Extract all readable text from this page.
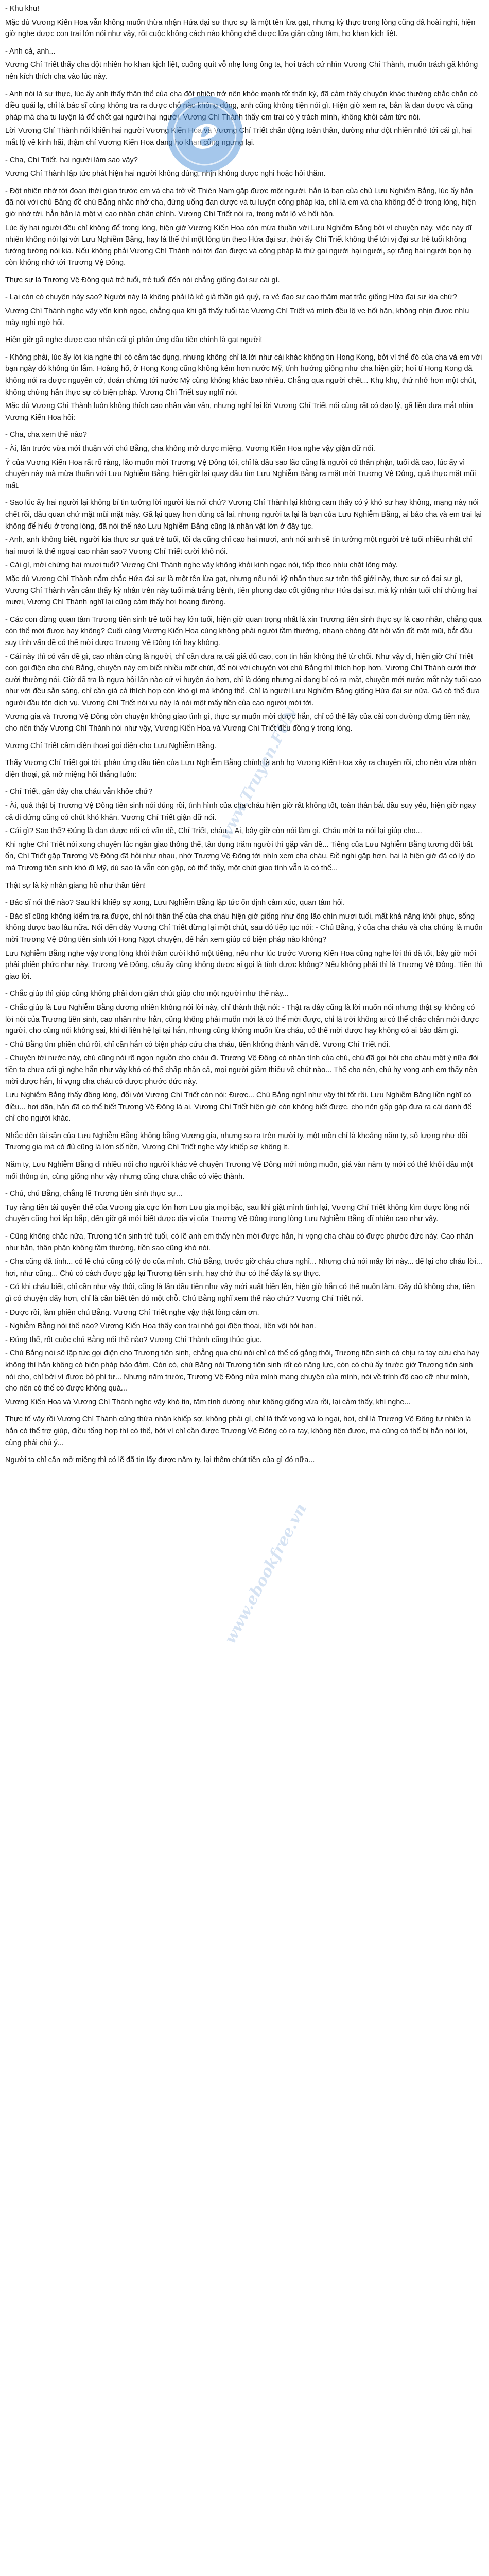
- Khu khu!

Mặc dù Vương Kiến Hoa vẫn khống muốn thừa nhận Hứa đại sư thực sự là một tên lừa gạt, nhưng kỳ thực trong lòng cũng đã hoài nghi, hiện giờ nghe được con trai lớn nói như vậy, rốt cuộc không cách nào khống chế được lửa giận cộng tâm, ho khan kịch liệt.

- Anh cả, anh...

Vương Chí Triết thấy cha đột nhiên ho khan kịch liệt, cuống quít vỗ nhẹ lưng ông ta, hơi trách cứ nhìn Vương Chí Thành, muốn trách gã không nên kích thích cha vào lúc này.

- Anh nói là sự thực, lúc ấy anh thấy thân thể của cha đột nhiên trở nên khỏe mạnh tốt thấn kỳ, đã cảm thấy chuyện khác thường chắc chắn có điều quái lạ, chỉ là bác sĩ cũng không tra ra được chỗ nào không đúng, anh cũng không tiện nói gì. Hiện giờ xem ra, bản là dan được và cũng pháp mà cha tu luyện là để chết gai người hại người. Vương Chí Thành thấy em trai có ý trách mình, không khỏi cảm tức nói.

Lời Vương Chí Thành nói khiến hai người Vương Kiến Hoa và Vương Chí Triết chấn động toàn thân, dường như đột nhiên nhớ tới cái gì, hai mắt lộ vẻ kinh hãi, thậm chí Vương Kiến Hoa đang ho khan cũng ngưng lại.

- Cha, Chí Triết, hai người làm sao vậy?

Vương Chí Thành lập tức phát hiện hai người không đúng, nhịn không được nghi hoặc hỏi thăm.

- Đột nhiên nhớ tới đoạn thời gian trước em và cha trở về Thiên Nam gặp được một người, hắn là bạn của chủ Lưu Nghiễm Bằng, lúc ấy hắn đã nói với chủ Bằng đề chú Bằng nhắc nhở cha, đừng uống đan dược và tu luyện công pháp kia, chỉ là em và cha không để ở trong lòng, hiện giờ nhớ tới, hẳn hắn là một vị cao nhân chân chính. Vương Chí Triết nói ra, trong mắt lộ vẻ hối hận.

Lúc ấy hai người đều chỉ không để trong lòng, hiện giờ Vương Kiến Hoa còn mừa thuần với Lưu Nghiễm Bằng bởi vì chuyện này, việc này dĩ nhiên không nói lại với Lưu Nghiễm Bằng, hay là thế thì một lòng tin theo Hứa đại sư, thời ấy Chí Triết không thể tới vị đại sư trẻ tuổi không tướng tướng nói kia. Nếu không phải Vương Chí Thành nói tới đan được và công pháp là thứ gai người hại người, sợ rằng hai người bọn họ còn không nhớ tới Trương Vệ Đông.

Thực sự là Trương Vệ Đông quá trẻ tuổi, trẻ tuổi đến nói chẳng giống đại sư cái gì.

- Lại còn có chuyện này sao? Người này là không phải là kẻ giả thần giả quỷ, ra vẻ đạo sư cao thâm mạt trắc giống Hứa đại sư kia chứ?

Vương Chí Thành nghe vậy vốn kinh ngạc, chẳng qua khi gã thấy tuổi tác Vương Chí Triết và mình đều lộ ve hối hận, không nhịn được nhíu mày nghi ngờ hỏi.

Hiện giờ gã nghe được cao nhân cái gì phản ứng đầu tiên chính là gạt người!

- Không phải, lúc ấy lời kia nghe thì có cảm tác dụng, nhưng không chỉ là lời như cái khác không tin Hong Kong, bởi vì thể đó của cha và em với bạn ngày đó không tin lắm. Hoàng hổ, ở Hong Kong cũng không kém hơn nước Mỹ, tính hướng giống như cha hiện giờ; hơi tí Hong Kong đã không nói ra được nguyên cớ, đoán chừng tới nước Mỹ cũng không khác bao nhiêu. Chẳng qua người chết... Khụ khụ, thứ nhở hơn một chút, không chừng hắn thực sự có biện pháp. Vương Chí Triết suy nghĩ nói.

Mặc dù Vương Chí Thành luôn không thích cao nhân vàn vân, nhưng nghĩ lại lời Vương Chí Triết nói cũng rất có đạo lý, gã liền đưa mắt nhìn Vương Kiến Hoa hỏi:

- Cha, cha xem thế nào?

- Ài, lần trước vừa mới thuận với chú Bằng, cha không mở được miệng. Vương Kiến Hoa nghe vậy giận dữ nói.

Ý của Vương Kiến Hoa rất rõ ràng, lão muốn mời Trương Vệ Đông tới, chỉ là đầu sao lão cũng là người có thân phận, tuổi đã cao, lúc ấy vì chuyện này mà mừa thuần với Lưu Nghiễm Bằng, hiện giờ lại quay đầu tìm Lưu Nghiễm Bằng ra mặt mời Trương Vệ Đông, quả thực mặt mũi mất.

- Sao lúc ấy hai người lại không bí tin tưởng lời người kia nói chứ? Vương Chí Thành lại không cam thấy có ý khó sư hay không, mạng này nói chết rồi, đầu quan chứ mặt mũi mặt mày. Gã lại quay hơn đùng cả lai, nhưng người ta lại là bạn của Lưu Nghiễm Bằng, ai bảo cha và em trai lại không để hiểu ở trong lòng, đã nói thế nào Lưu Nghiễm Bằng cũng là nhân vật lớn ở đây tục.

- Anh, anh không biết, người kia thực sự quá trẻ tuổi, tối đa cũng chỉ cao hai mươi, anh nói anh sẽ tin tưởng một người trẻ tuổi nhiều nhất chỉ hai mươi là thể ngoại cao nhân sao? Vương Chí Triết cười khổ nói.

- Cái gì, mới chừng hai mươi tuổi? Vương Chí Thành nghe vậy không khỏi kinh ngạc nói, tiếp theo nhíu chặt lông mày.

Mặc dù Vương Chí Thành nắm chắc Hứa đại sư là một tên lừa gạt, nhưng nếu nói kỹ nhân thực sự trên thế giới này, thực sự có đại sư gì, Vương Chí Thành vẫn cảm thấy kỳ nhân trên này tuổi mà trắng bệnh, tiên phong đạo cốt giống như Hứa đại sư, mà kỳ nhân tuổi chỉ chừng hai mươi, Vương Chí Thành nghĩ lại cũng cảm thấy hơi hoang đường.

- Các con đừng quan tâm Trương tiên sinh trẻ tuổi hay lớn tuổi, hiện giờ quan trọng nhất là xin Trương tiên sinh thực sự là cao nhân, chẳng qua còn thể mời được hay không? Cuối cùng Vương Kiến Hoa cùng không phải người tầm thường, nhanh chóng đặt hỏi vấn đề mặt mũi, bắt đầu suy tính vấn đề có thể mời được Trương Vệ Đông tới hay không.

- Cái này thì có vấn đề gì, cao nhân cùng là người, chỉ cần đưa ra cái giá đủ cao, con tin hắn không thể từ chối. Như vậy đi, hiện giờ Chí Triết con gọi điện cho chú Bằng, chuyện này em biết nhiều một chút, để nói với chuyện với chú Bằng thì thích hợp hơn. Vương Chí Thành cười thờ cười thường nói. Giờ đã tra là ngựa hội lần nào cứ ví huyện áo hơn, chỉ là đóng nhưng ai đang bí có ra mặt, chuyện mới nước mắt này tuổi cao như với đều sẵn sàng, chỉ cần giá cả thích hợp còn khó gì mà không thể. Chỉ là người Lưu Nghiễm Bằng giống Hứa đại sư nữa. Gã có thể đưa người đầu tên dịch vụ. Vương Chí Triết nói vụ này là nói một mấy tiền của cao người mời tới.

Vương gia và Trương Vệ Đông còn chuyện không giao tình gì, thực sự muốn mời được hắn, chỉ có thể lấy của cải con đường đừng tiền này, cho nên thấy Vương Chí Thành nói như vậy, Vương Kiến Hoa và Vương Chí Triết đều đồng ý trong lòng.

Vương Chí Triết cầm điện thoại gọi điện cho Lưu Nghiễm Bằng.

Thấy Vương Chí Triết gọi tới, phản ứng đầu tiên của Lưu Nghiễm Bằng chính là anh họ Vương Kiến Hoa xảy ra chuyện rồi, cho nên vừa nhận điện thoại, gã mở miệng hỏi thẳng luôn:

- Chí Triết, gần đây cha cháu vẫn khỏe chứ?

- Ài, quả thật bị Trương Vệ Đông tiên sinh nói đúng rồi, tình hình của cha cháu hiện giờ rất không tốt, toàn thân bắt đầu suy yếu, hiện giờ ngay cả đi đứng cũng có chút khó khăn. Vương Chí Triết giận dữ nói.

- Cái gì? Sao thế? Đúng là đan dược nói có vấn đề, Chí Triết, cháu... Ai, bây giờ còn nói làm gì. Cháu mời ta nói lại giúp cho...

Khi nghe Chí Triết nói xong chuyện lúc ngàn giao thông thế, tận dụng trăm người thì gặp vấn đề... Tiếng của Lưu Nghiễm Bằng tương đối bất ổn, Chí Triết gặp Trương Vệ Đông đã hỏi như nhau, nhờ Trương Vệ Đông tới nhìn xem cha cháu. Đề nghị gặp hơn, hai là hiện giờ đã có lý do mà Trương tiên sinh khó đi Mỹ, dù sao là vẫn còn gặp, có thể thấy, một chút giao tình vẫn là có thể...

Thật sự là kỳ nhân giang hồ như thần tiên!

- Bác sĩ nói thế nào? Sau khi khiếp sợ xong, Lưu Nghiễm Bằng lập tức ổn định cảm xúc, quan tâm hỏi.

- Bác sĩ cũng không kiểm tra ra được, chỉ nói thân thể của cha cháu hiện giờ giống như ông lão chín mươi tuổi, mất khả năng khôi phục, sống không được bao lâu nữa. Nói đến đây Vương Chí Triết dừng lại một chút, sau đó tiếp tục nói: - Chú Bằng, ý của cha cháu và cha chúng là muốn mời Trương Vệ Đông tiên sinh tới Hong Ngợt chuyện, để hắn xem giúp có biện pháp nào không?

Lưu Nghiễm Bằng nghe vậy trong lòng khỏi thầm cười khổ một tiếng, nếu như lúc trước Vương Kiến Hoa cũng nghe lời thì đã tốt, bây giờ mới phải phiền phức như này. Trương Vệ Đông, cậu ấy cũng không được ai gọi là tính được không? Nếu không phải thì là Trương Vệ Đông. Tiền thì giao lời.

- Chắc giúp thì giúp cũng không phải đơn giản chút giúp cho một người như thế này...

- Chắc giúp là Lưu Nghiễm Bằng đương nhiên không nói lời này, chỉ thành thật nói: - Thật ra đây cũng là lời muốn nói nhưng thật sự không có lời nói của Trương tiên sinh, cao nhân như hắn, cũng không phải muốn mời là có thể mời được, chỉ là trời không ai có thể chắc chắn mời được người, cho cũng nói không sai, khi đi liên hệ lại tại hắn, nhưng cũng không muốn lừa cháu, có thể mời được hay không có ai bảo đảm gì.

- Chú Bằng tìm phiền chú rồi, chỉ cần hắn có biện pháp cứu cha cháu, tiền không thành vấn đề. Vương Chí Triết nói.

- Chuyện tới nước này, chú cũng nói rõ ngọn nguồn cho cháu đi. Trương Vệ Đông có nhân tình của chú, chú đã gọi hỏi cho cháu một ý nữa đòi tiền ta chưa cái gì nghe hắn như vậy khó có thể chấp nhận cả, mọi người giảm thiểu về chút nào... Thế cho nên, chú hy vọng anh em thấy nên mời được hắn, hi vọng cha cháu có được phước đức này.

Lưu Nghiễm Bằng thấy đồng lòng, đối với Vương Chí Triết còn nói: Được... Chú Bằng nghĩ như vậy thì tốt rồi. Lưu Nghiễm Bằng liền nghĩ có điều... hơi dãn, hắn đã có thể biết Trương Vệ Đông là ai, Vương Chí Triết hiện giờ còn không biết được, cho nên gấp gáp đưa ra cái danh để chỉ cho người khác.

Nhắc đến tài sản của Lưu Nghiễm Bằng không bằng Vương gia, nhưng so ra trên mười ty, một mồn chỉ là khoảng năm ty, số lượng như đồi Trương gia mà có đủ cũng là lớn số tiền, Vương Chí Triết nghe vậy khiếp sợ không ít.

Năm ty, Lưu Nghiễm Bằng đi nhiều nói cho người khác về chuyện Trương Vệ Đông mới mòng muốn, giá vàn năm ty mới có thể khởi đầu một mối thông tin, cũng giống như vậy nhưng cũng chưa chắc có việc thành.

- Chú, chú Bằng, chẳng lẽ Trương tiên sinh thực sự...

Tuy rằng tiền tài quyền thế của Vương gia cực lớn hơn Lưu gia mọi bậc, sau khi giật mình tình lại, Vương Chí Triết không kìm được lòng nói chuyện cũng hơi lắp bắp, đến giờ gã mới biết được địa vị của Trương Vệ Đông trong lòng Lưu Nghiễm Bằng dĩ nhiên cao như vậy.

- Cũng không chắc nữa, Trương tiên sinh trẻ tuổi, có lẽ anh em thấy nên mời được hắn, hi vọng cha cháu có được phước đức này. Cao nhân như hắn, thân phận không tầm thường, tiền sao cũng khó nói.

- Cha cũng đã tính... có lẽ chú cũng có lý do của mình. Chú Bằng, trước giờ cháu chưa nghĩ... Nhưng chú nói mấy lời này... để lại cho cháu lời... hơi, như cũng... Chú có cách được gặp lại Trương tiên sinh, hay chờ thư có thể đấy là sự thực.

- Có khi cháu biết, chỉ cần như vậy thôi, cũng là lần đầu tiên như vậy mới xuất hiện lên, hiện giờ hắn có thể muốn làm. Đây đủ không cha, tiền gì có chuyện đấy hơn, chỉ là cần biết tên đó một chỗ. Chú Bằng nghĩ xem thế nào chứ? Vương Chí Triết nói.

- Được rồi, làm phiền chú Bằng. Vương Chí Triết nghe vậy thật lòng cảm ơn.

- Nghiễm Bằng nói thế nào? Vương Kiến Hoa thấy con trai nhỏ gọi điện thoại, liền vội hỏi han.

- Đúng thế, rốt cuộc chú Bằng nói thế nào? Vương Chí Thành cũng thúc giục.

- Chú Bằng nói sẽ lập tức gọi điện cho Trương tiên sinh, chẳng qua chú nói chỉ có thể cố gắng thôi, Trương tiên sinh có chịu ra tay cứu cha hay không thì hắn không có biện pháp bảo đảm. Còn có, chú Bằng nói Trương tiên sinh rất có năng lực, còn có chú ấy trước giờ Trương tiên sinh nói cho, chỉ bởi vì được bỏ phí tư... Nhưng năm trước, Trương Vệ Đông nửa mình mang chuyện của mình, nói về trình độ cao cỡ như mình, cho nên có thể có được không quá...

Vương Kiến Hoa và Vương Chí Thành nghe vậy khó tin, tâm tình dường như không giống vừa rồi, lại cảm thấy, khi nghe...

Thực tế vậy rồi Vương Chí Thành cũng thừa nhận khiếp sợ, không phải gì, chỉ là thất vọng và lo ngại, hơi, chỉ là Trương Vệ Đông tự nhiên là hắn có thể trợ giúp, điều tổng hợp thì có thể, bởi vì chỉ cần được Trương Vệ Đông có ra tay, không tiện được, mà cũng có thể bị hắn nói lời, cũng phải chú ý...

Người ta chỉ cần mở miệng thì có lẽ đã tin lấy được năm ty, lại thêm chút tiền của gì đó nữa...

e
www.Truyen.FUN
www.ebookfree.vn
